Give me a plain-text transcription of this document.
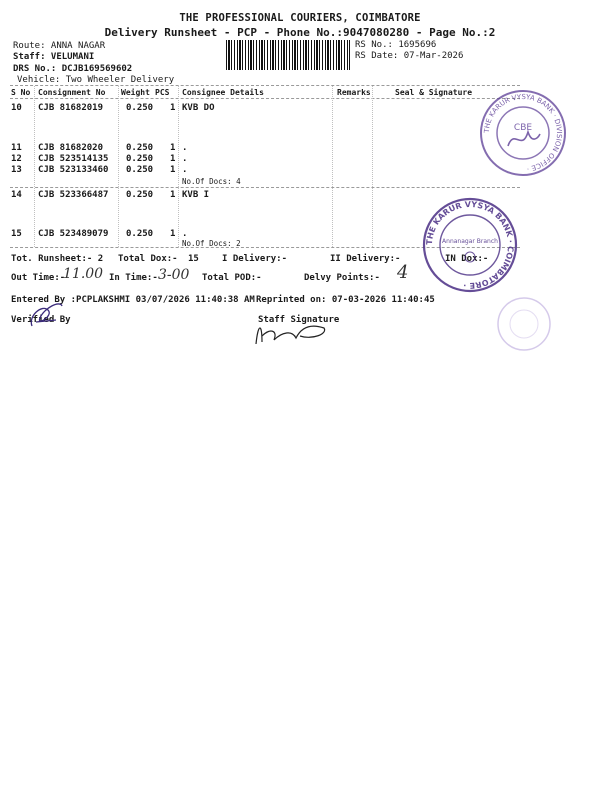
THE PROFESSIONAL COURIERS, COIMBATORE
Delivery Runsheet - PCP - Phone No.:9047080280 - Page No.:2
Route: ANNA NAGAR
Staff: VELUMANI
DRS No.: DCJB169569602
Vehicle: Two Wheeler Delivery
RS No.: 1695696
RS Date: 07-Mar-2026
S No Consignment No Weight PCS Consignee Details	Remarks	Seal & Signature
10 CJB 81682019	0.250 1 KVB DO
11 CJB 81682020	0.250 1 .
12 CJB 523514135 0.250 1 .
13 CJB 523133460 0.250 1 .
No.Of Docs: 4
14 CJB 523366487 0.250 1 KVB I
15 CJB 523489079 0.250 1 .
No.Of Docs: 2
Tot. Runsheet:- 2 Total Dox:- 15	I Delivery:-	II Delivery:-	IN Dox:-
Out Time:-
11.00 In Time:- 3-00 Total POD:-	Delvy Points:- 4
Entered By :PCPLAKSHMI 03/07/2026 11:40:38 AM Reprinted on: 07-03-2026 11:40:45
Verified By	Staff Signature
THE KARUR VYSYA BANK · DIVISION OFFICE ·
CBE
THE KARUR VYSYA BANK · COIMBATORE ·
Annanagar Branch
